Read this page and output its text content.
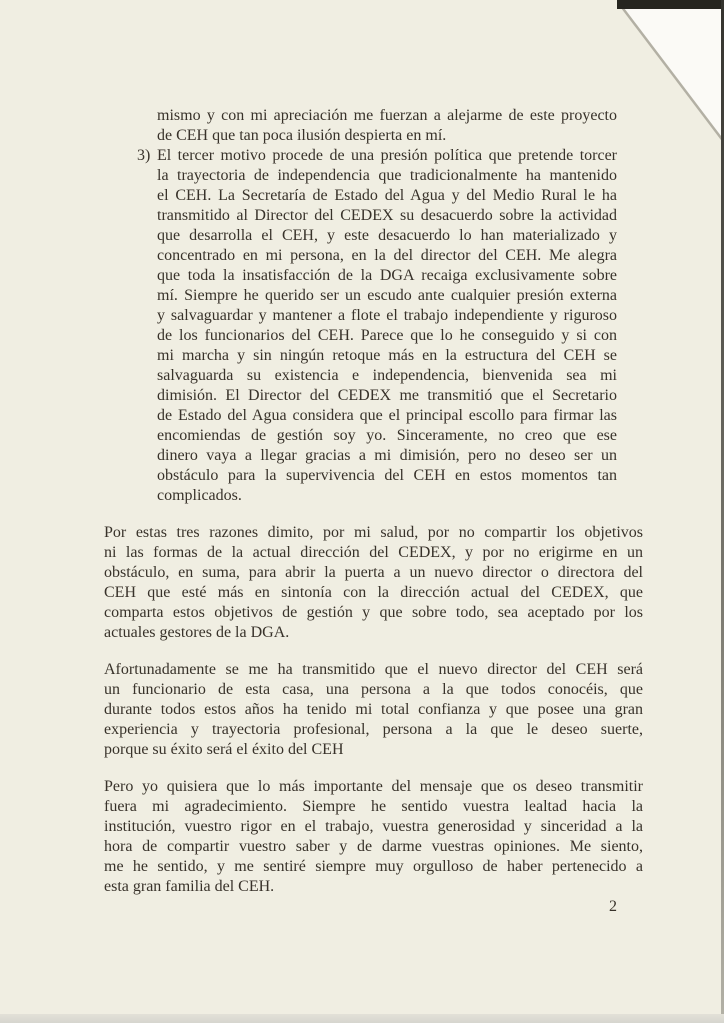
mismo y con mi apreciación me fuerzan a alejarme de este proyecto
de CEH que tan poca ilusión despierta en mí.
3) El tercer motivo procede de una presión política que pretende torcer
la trayectoria de independencia que tradicionalmente ha mantenido
el CEH. La Secretaría de Estado del Agua y del Medio Rural le ha
transmitido al Director del CEDEX su desacuerdo sobre la actividad
que desarrolla el CEH, y este desacuerdo lo han materializado y
concentrado en mi persona, en la del director del CEH. Me alegra
que toda la insatisfacción de la DGA recaiga exclusivamente sobre
mí. Siempre he querido ser un escudo ante cualquier presión externa
y salvaguardar y mantener a flote el trabajo independiente y riguroso
de los funcionarios del CEH. Parece que lo he conseguido y si con
mi marcha y sin ningún retoque más en la estructura del CEH se
salvaguarda su existencia e independencia, bienvenida sea mi
dimisión. El Director del CEDEX me transmitió que el Secretario
de Estado del Agua considera que el principal escollo para firmar las
encomiendas de gestión soy yo. Sinceramente, no creo que ese
dinero vaya a llegar gracias a mi dimisión, pero no deseo ser un
obstáculo para la supervivencia del CEH en estos momentos tan
complicados.
Por estas tres razones dimito, por mi salud, por no compartir los objetivos
ni las formas de la actual dirección del CEDEX, y por no erigirme en un
obstáculo, en suma, para abrir la puerta a un nuevo director o directora del
CEH que esté más en sintonía con la dirección actual del CEDEX, que
comparta estos objetivos de gestión y que sobre todo, sea aceptado por los
actuales gestores de la DGA.
Afortunadamente se me ha transmitido que el nuevo director del CEH será
un funcionario de esta casa, una persona a la que todos conocéis, que
durante todos estos años ha tenido mi total confianza y que posee una gran
experiencia y trayectoria profesional, persona a la que le deseo suerte,
porque su éxito será el éxito del CEH
Pero yo quisiera que lo más importante del mensaje que os deseo transmitir
fuera mi agradecimiento. Siempre he sentido vuestra lealtad hacia la
institución, vuestro rigor en el trabajo, vuestra generosidad y sinceridad a la
hora de compartir vuestro saber y de darme vuestras opiniones. Me siento,
me he sentido, y me sentiré siempre muy orgulloso de haber pertenecido a
esta gran familia del CEH.
2
